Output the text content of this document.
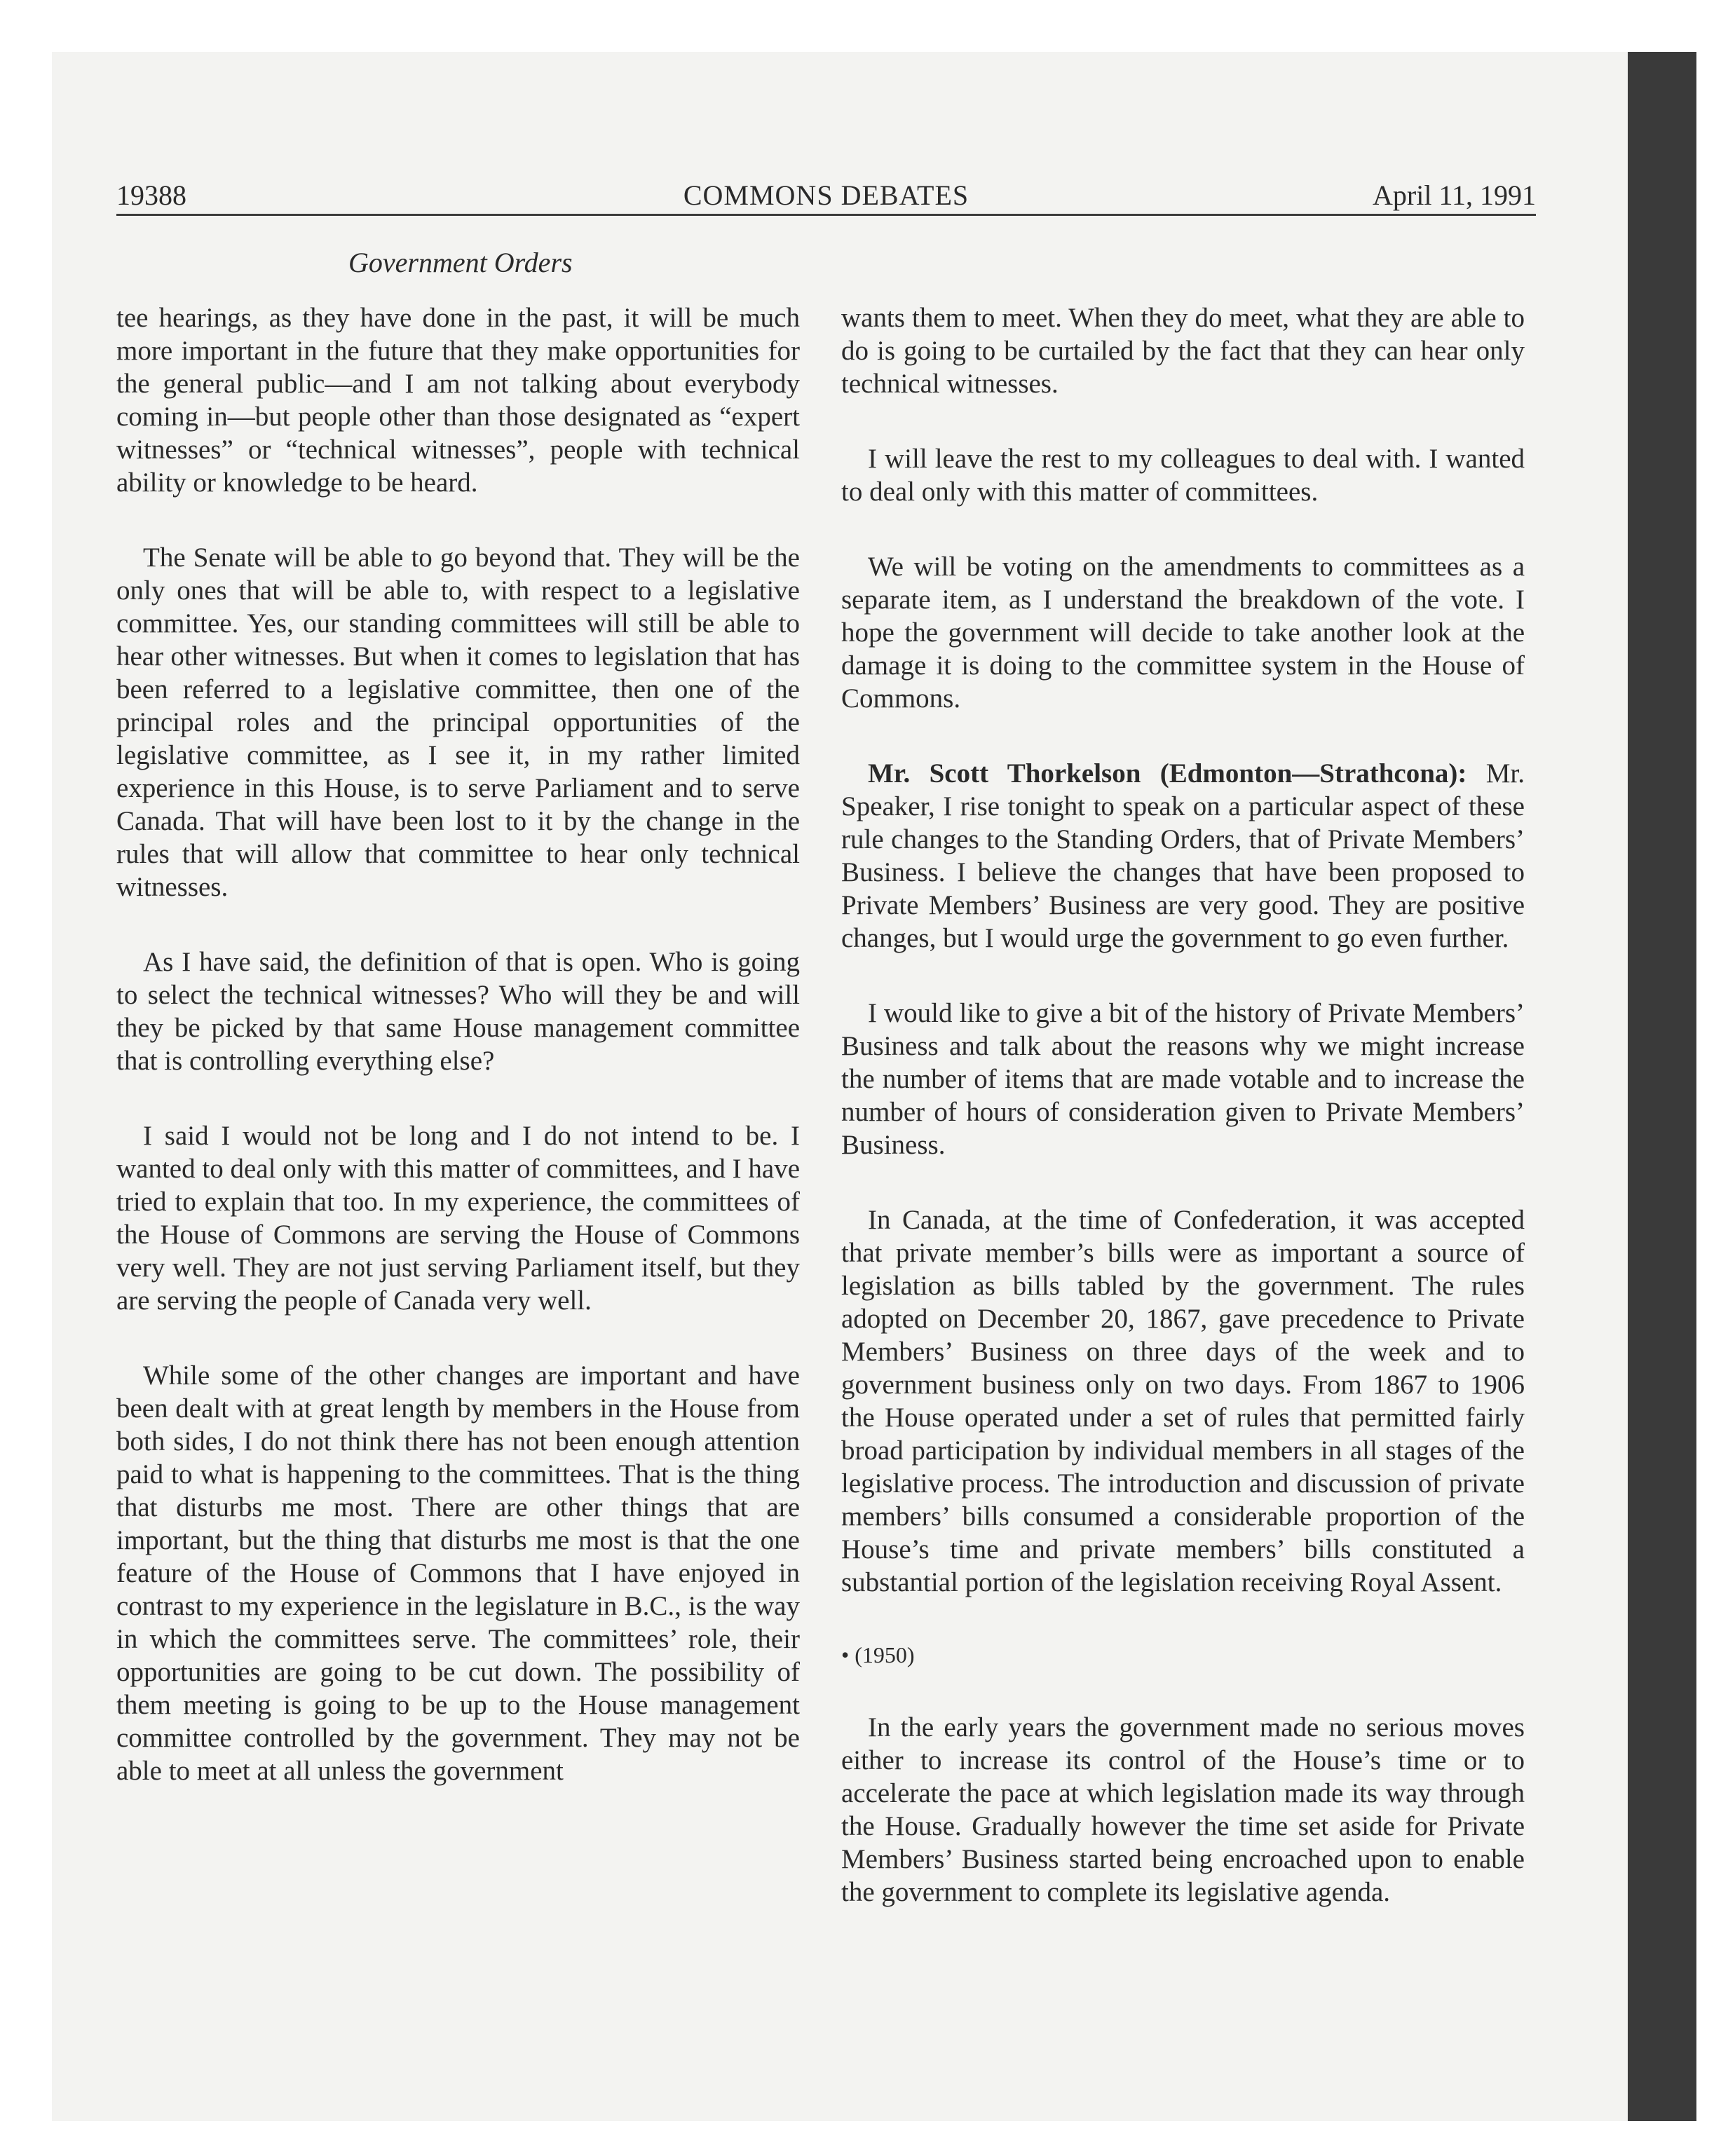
19388	COMMONS DEBATES	April 11, 1991
Government Orders

tee hearings, as they have done in the past, it will be much more important in the future that they make opportunities for the general public—and I am not talking about everybody coming in—but people other than those designated as “expert witnesses” or “technical witnesses”, people with technical ability or knowledge to be heard.

The Senate will be able to go beyond that. They will be the only ones that will be able to, with respect to a legislative committee. Yes, our standing committees will still be able to hear other witnesses. But when it comes to legislation that has been referred to a legislative committee, then one of the principal roles and the principal opportunities of the legislative committee, as I see it, in my rather limited experience in this House, is to serve Parliament and to serve Canada. That will have been lost to it by the change in the rules that will allow that committee to hear only technical witnesses.

As I have said, the definition of that is open. Who is going to select the technical witnesses? Who will they be and will they be picked by that same House management committee that is controlling everything else?

I said I would not be long and I do not intend to be. I wanted to deal only with this matter of committees, and I have tried to explain that too. In my experience, the committees of the House of Commons are serving the House of Commons very well. They are not just serving Parliament itself, but they are serving the people of Canada very well.

While some of the other changes are important and have been dealt with at great length by members in the House from both sides, I do not think there has not been enough attention paid to what is happening to the committees. That is the thing that disturbs me most. There are other things that are important, but the thing that disturbs me most is that the one feature of the House of Commons that I have enjoyed in contrast to my experience in the legislature in B.C., is the way in which the committees serve. The committees’ role, their opportunities are going to be cut down. The possibility of them meeting is going to be up to the House management committee controlled by the government. They may not be able to meet at all unless the government

wants them to meet. When they do meet, what they are able to do is going to be curtailed by the fact that they can hear only technical witnesses.

I will leave the rest to my colleagues to deal with. I wanted to deal only with this matter of committees.

We will be voting on the amendments to committees as a separate item, as I understand the breakdown of the vote. I hope the government will decide to take another look at the damage it is doing to the committee system in the House of Commons.

Mr. Scott Thorkelson (Edmonton—Strathcona): Mr. Speaker, I rise tonight to speak on a particular aspect of these rule changes to the Standing Orders, that of Private Members’ Business. I believe the changes that have been proposed to Private Members’ Business are very good. They are positive changes, but I would urge the government to go even further.

I would like to give a bit of the history of Private Members’ Business and talk about the reasons why we might increase the number of items that are made votable and to increase the number of hours of consideration given to Private Members’ Business.

In Canada, at the time of Confederation, it was accepted that private member’s bills were as important a source of legislation as bills tabled by the government. The rules adopted on December 20, 1867, gave precedence to Private Members’ Business on three days of the week and to government business only on two days. From 1867 to 1906 the House operated under a set of rules that permitted fairly broad participation by individual members in all stages of the legislative process. The introduction and discussion of private members’ bills consumed a considerable proportion of the House’s time and private members’ bills constituted a substantial portion of the legislation receiving Royal Assent.

• (1950)

In the early years the government made no serious moves either to increase its control of the House’s time or to accelerate the pace at which legislation made its way through the House. Gradually however the time set aside for Private Members’ Business started being encroached upon to enable the government to complete its legislative agenda.
